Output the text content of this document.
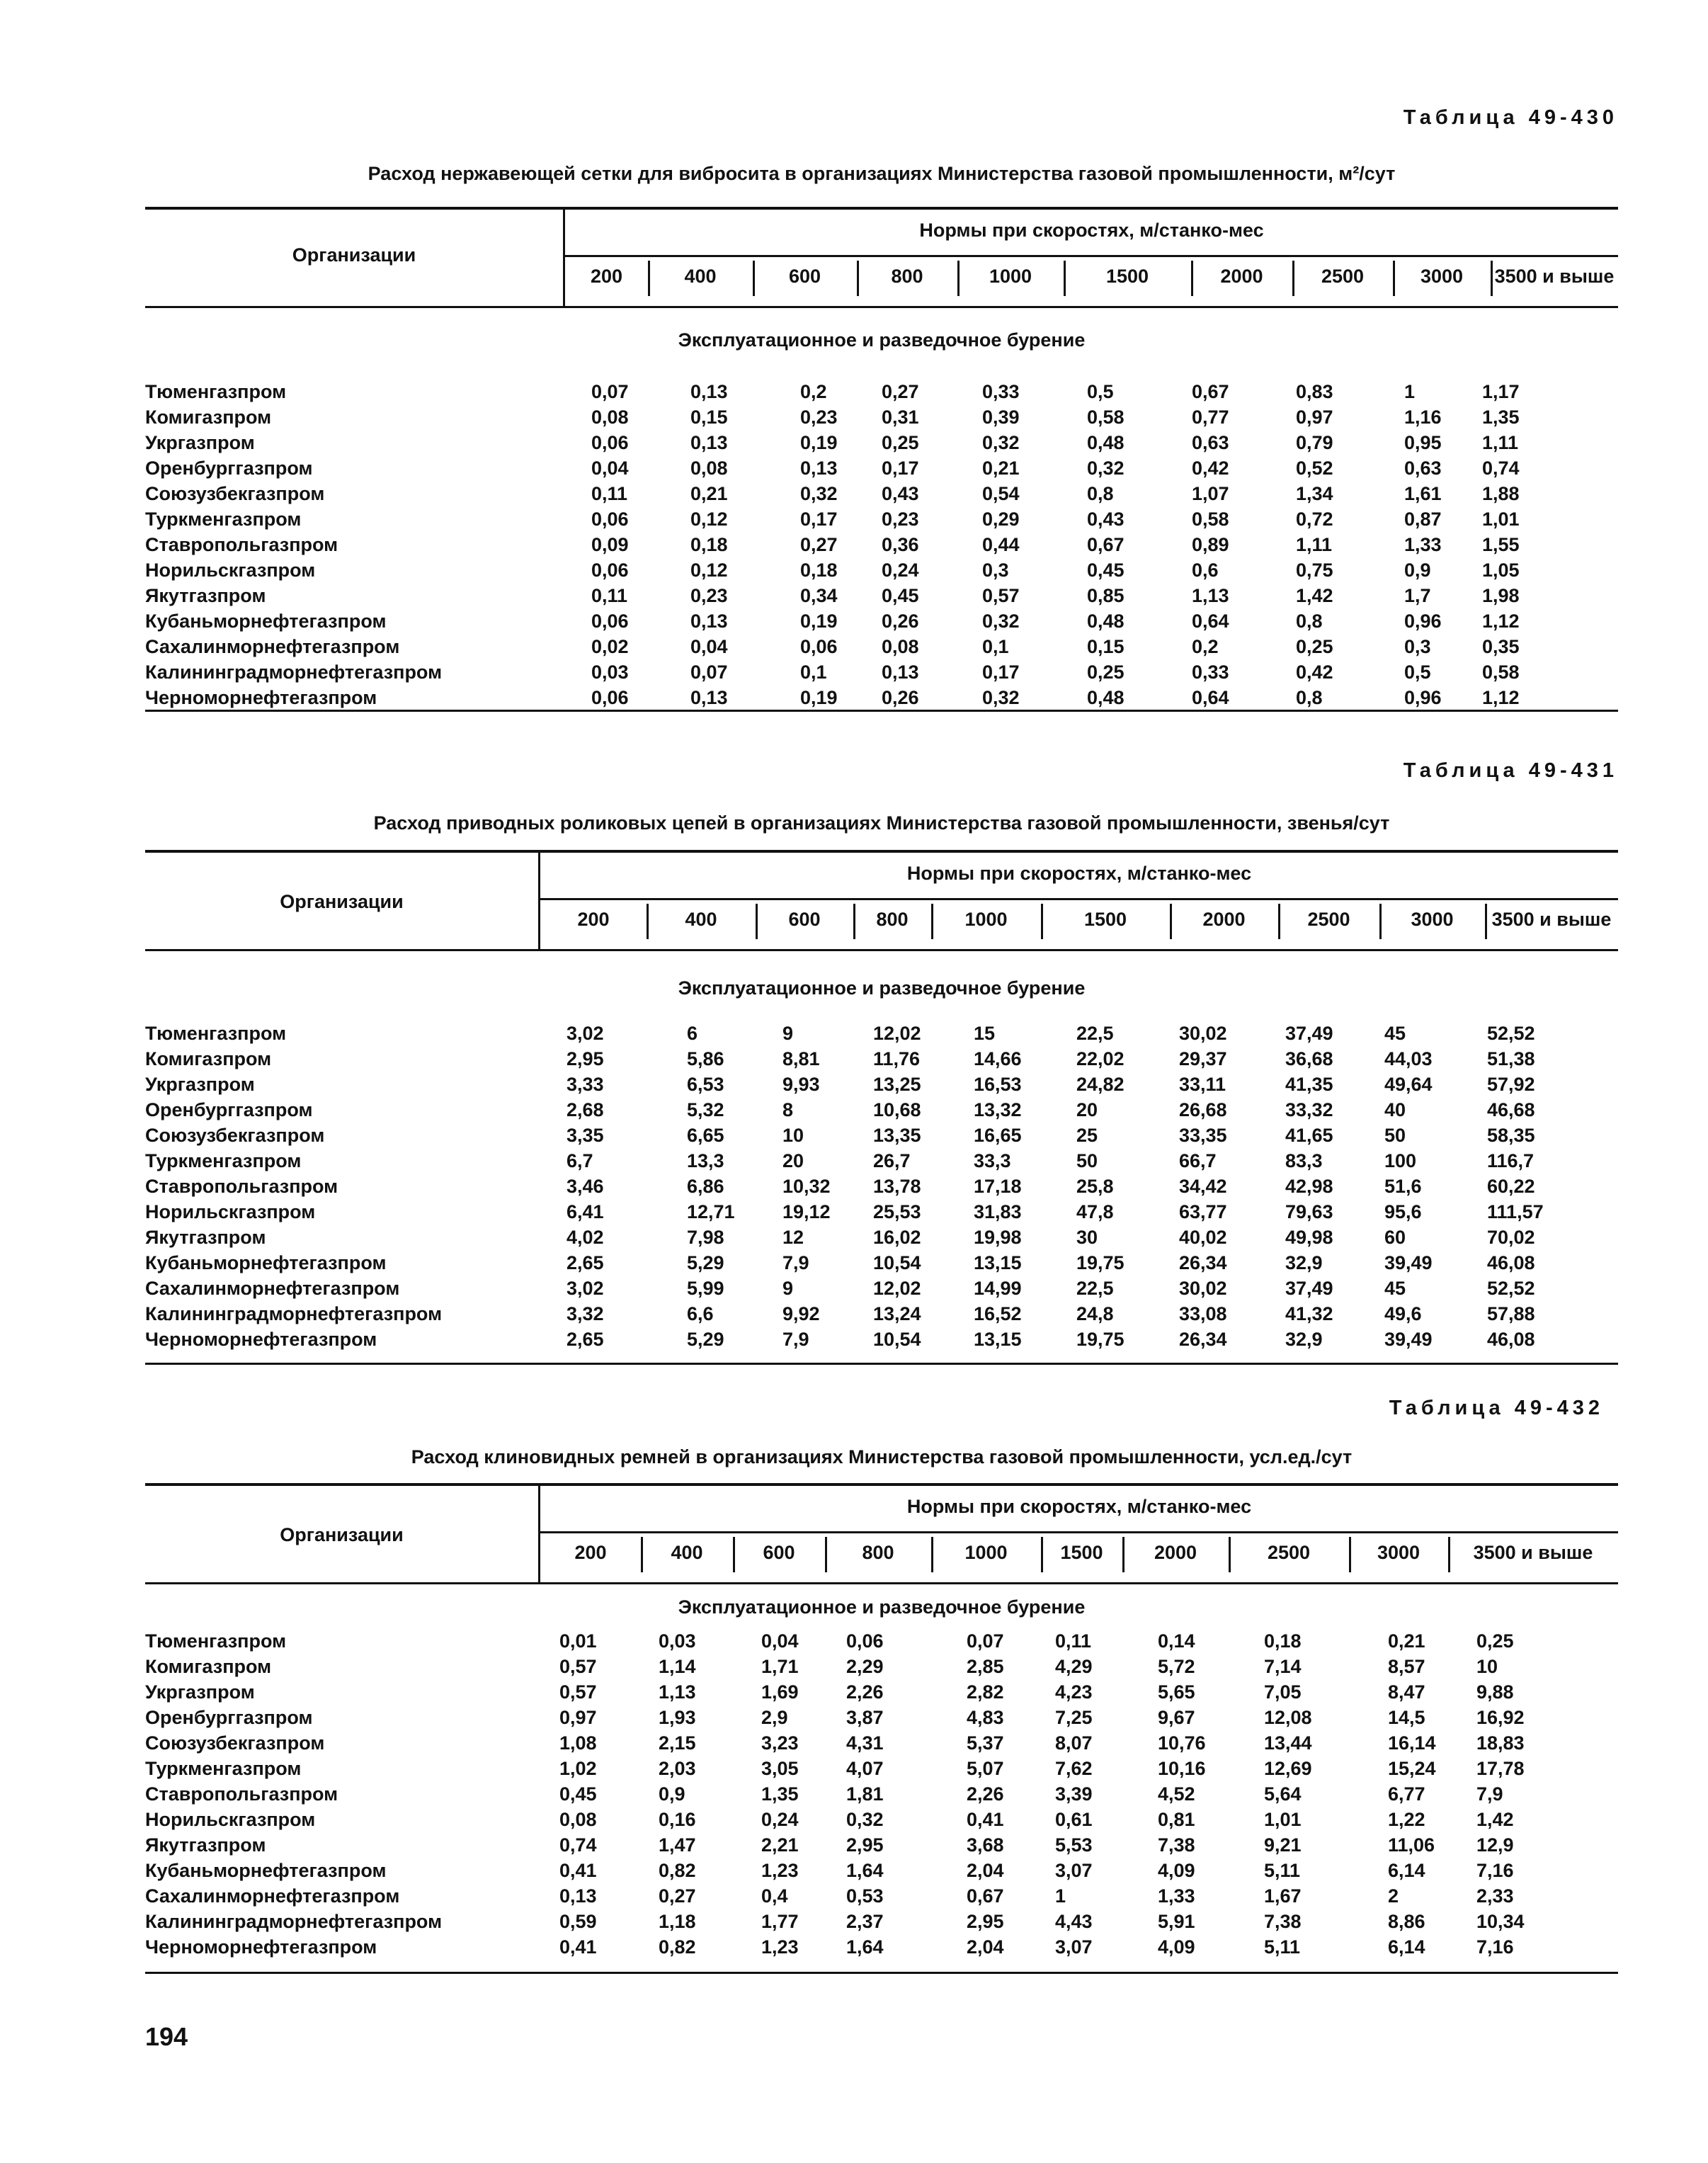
Таблица 49-430
Расход нержавеющей сетки для вибросита в организациях Министерства газовой промышленности, м²/сут
Организации
Нормы при скоростях, м/станко-мес
200	400	600	800	1000	1500	2000	2500	3000	3500 и выше
Эксплуатационное и разведочное бурение
Тюменгазпром	0,07	0,13	0,2	0,27	0,33	0,5	0,67	0,83	1	1,17
Комигазпром	0,08	0,15	0,23 0,31	0,39	0,58	0,77	0,97	1,16 1,35
Укргазпром	0,06	0,13	0,19 0,25	0,32	0,48	0,63	0,79	0,95 1,11
Оренбурггазпром	0,04	0,08	0,13 0,17	0,21	0,32	0,42	0,52	0,63 0,74
Союзузбекгазпром	0,11	0,21	0,32 0,43	0,54	0,8	1,07	1,34	1,61 1,88
Туркменгазпром	0,06	0,12	0,17 0,23	0,29	0,43	0,58	0,72	0,87 1,01
Ставропольгазпром	0,09	0,18	0,27 0,36	0,44	0,67	0,89	1,11	1,33 1,55
Норильскгазпром	0,06	0,12	0,18 0,24	0,3	0,45	0,6	0,75	0,9	1,05
Якутгазпром	0,11	0,23	0,34 0,45	0,57	0,85	1,13	1,42	1,7	1,98
Кубаньморнефтегазпром	0,06	0,13	0,19 0,26	0,32	0,48	0,64	0,8	0,96 1,12
Сахалинморнефтегазпром	0,02	0,04	0,06 0,08	0,1	0,15	0,2	0,25	0,3	0,35
Калининградморнефтегазпром	0,03	0,07	0,1	0,13	0,17	0,25	0,33	0,42	0,5	0,58
Черноморнефтегазпром	0,06	0,13	0,19 0,26	0,32	0,48	0,64	0,8	0,96 1,12
Таблица 49-431
Расход приводных роликовых цепей в организациях Министерства газовой промышленности, звенья/сут
Организации
Нормы при скоростях, м/станко-мес
200	400	600	800	1000	1500	2000	2500	3000	3500 и выше
Эксплуатационное и разведочное бурение
Тюменгазпром	3,02	6	9	12,02	15	22,5	30,02	37,49	45	52,52
Комигазпром	2,95	5,86	8,81	11,76	14,66	22,02	29,37	36,68	44,03	51,38
Укргазпром	3,33	6,53	9,93	13,25	16,53	24,82	33,11	41,35	49,64	57,92
Оренбурггазпром	2,68	5,32	8	10,68	13,32	20	26,68	33,32	40	46,68
Союзузбекгазпром	3,35	6,65	10	13,35	16,65	25	33,35	41,65	50	58,35
Туркменгазпром	6,7	13,3	20	26,7	33,3	50	66,7	83,3	100	116,7
Ставропольгазпром	3,46	6,86	10,32 13,78	17,18	25,8	34,42	42,98	51,6	60,22
Норильскгазпром	6,41	12,71 19,12 25,53	31,83	47,8	63,77	79,63	95,6	111,57
Якутгазпром	4,02	7,98	12	16,02	19,98	30	40,02	49,98	60	70,02
Кубаньморнефтегазпром	2,65	5,29	7,9	10,54	13,15	19,75	26,34	32,9	39,49	46,08
Сахалинморнефтегазпром	3,02	5,99	9	12,02	14,99	22,5	30,02	37,49	45	52,52
Калининградморнефтегазпром	3,32	6,6	9,92	13,24	16,52	24,8	33,08	41,32	49,6	57,88
Черноморнефтегазпром	2,65	5,29	7,9	10,54	13,15	19,75	26,34	32,9	39,49	46,08
Таблица 49-432
Расход клиновидных ремней в организациях Министерства газовой промышленности, усл.ед./сут
Организации
Нормы при скоростях, м/станко-мес
200	400	600	800	1000	1500	2000	2500	3000	3500 и выше
Эксплуатационное и разведочное бурение
Тюменгазпром	0,01	0,03	0,04 0,06	0,07	0,11	0,14	0,18	0,21	0,25
Комигазпром	0,57	1,14	1,71 2,29	2,85	4,29	5,72	7,14	8,57	10
Укргазпром	0,57	1,13	1,69 2,26	2,82	4,23	5,65	7,05	8,47	9,88
Оренбурггазпром	0,97	1,93	2,9	3,87	4,83	7,25	9,67	12,08	14,5	16,92
Союзузбекгазпром	1,08	2,15	3,23 4,31	5,37	8,07	10,76	13,44	16,14 18,83
Туркменгазпром	1,02	2,03	3,05 4,07	5,07	7,62	10,16	12,69	15,24 17,78
Ставропольгазпром	0,45	0,9	1,35 1,81	2,26	3,39	4,52	5,64	6,77	7,9
Норильскгазпром	0,08	0,16	0,24 0,32	0,41	0,61	0,81	1,01	1,22	1,42
Якутгазпром	0,74	1,47	2,21 2,95	3,68	5,53	7,38	9,21	11,06 12,9
Кубаньморнефтегазпром	0,41	0,82	1,23 1,64	2,04	3,07	4,09	5,11	6,14	7,16
Сахалинморнефтегазпром	0,13	0,27	0,4	0,53	0,67	1	1,33	1,67	2	2,33
Калининградморнефтегазпром	0,59	1,18	1,77 2,37	2,95	4,43	5,91	7,38	8,86	10,34
Черноморнефтегазпром	0,41	0,82	1,23 1,64	2,04	3,07	4,09	5,11	6,14	7,16
194
